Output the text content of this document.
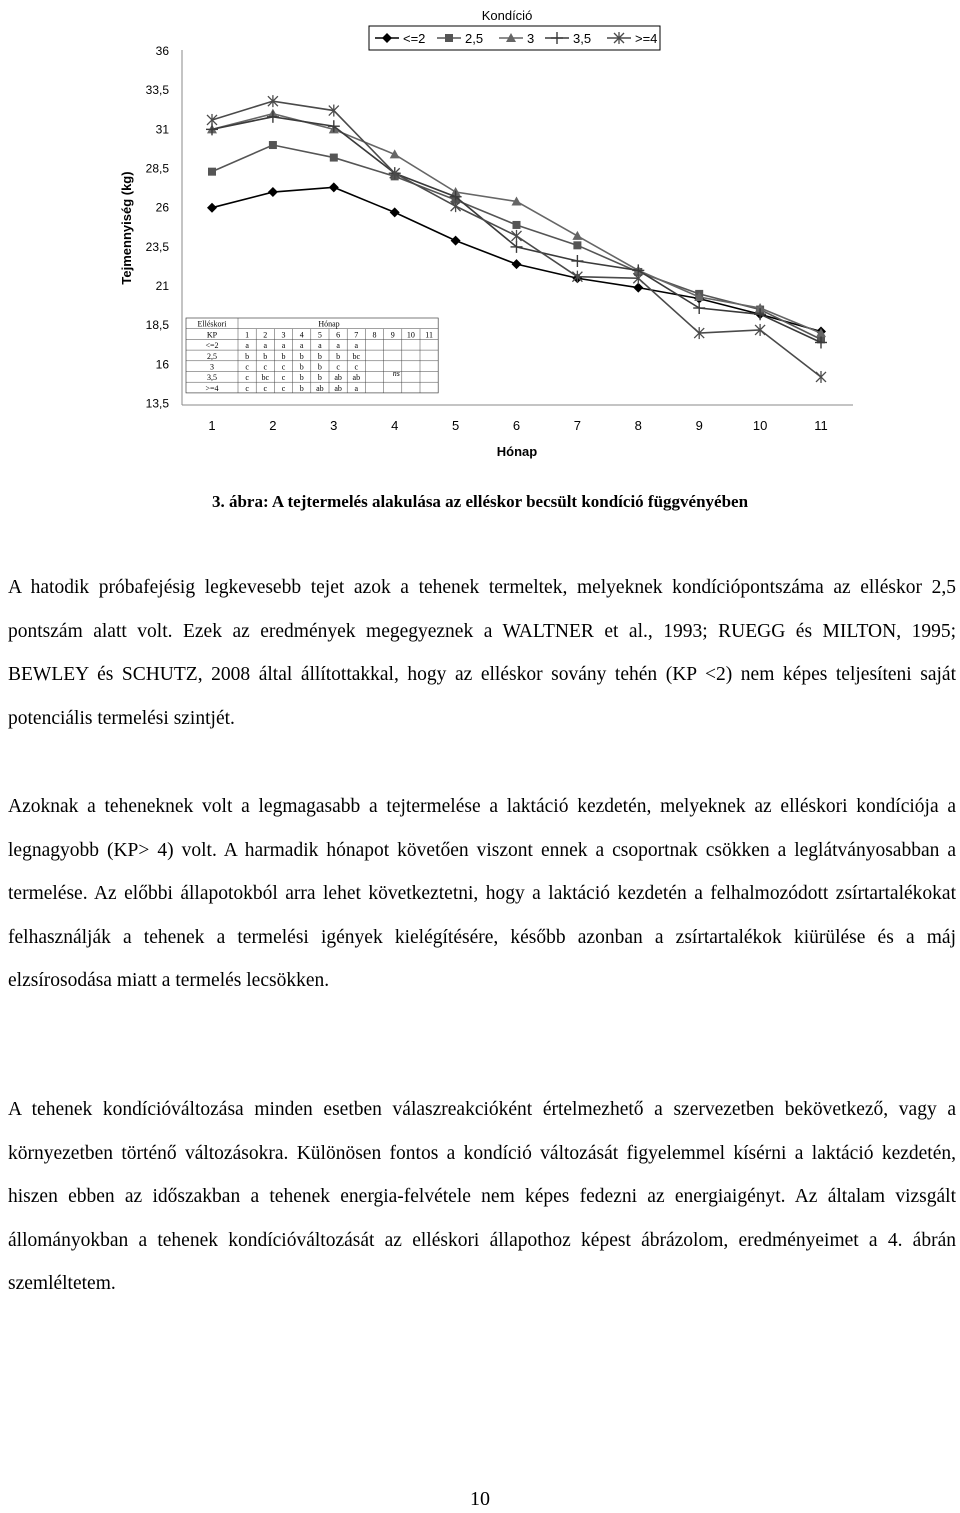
Kondíció
<=2	2,5	3	3,5	>=4
36
33,5
31
28,5
26
23,5
21
18,5
16
13,5
1	2	3	4	5	6	7	8	9	10	11
Tejmennyiség (kg)
Hónap
Elléskori	Hónap
KP	1 2 3 4 5 6 7 8 9 10 11
<=2	a a a a a a a
2,5	b b b b b b bc
3	c c c b b c c
3,5	c bc c b b ab ab
>=4	c c c b ab ab a
ns
3. ábra: A tejtermelés alakulása az elléskor becsült kondíció függvényében

A hatodik próbafejésig legkevesebb tejet azok a tehenek termeltek, melyeknek kondíciópontszáma az elléskor 2,5 pontszám alatt volt. Ezek az eredmények megegyeznek a WALTNER et al., 1993; RUEGG és MILTON, 1995; BEWLEY és SCHUTZ, 2008 által állítottakkal, hogy az elléskor sovány tehén (KP <2) nem képes teljesíteni saját potenciális termelési szintjét.

Azoknak a teheneknek volt a legmagasabb a tejtermelése a laktáció kezdetén, melyeknek az elléskori kondíciója a legnagyobb (KP> 4) volt. A harmadik hónapot követően viszont ennek a csoportnak csökken a leglátványosabban a termelése. Az előbbi állapotokból arra lehet következtetni, hogy a laktáció kezdetén a felhalmozódott zsírtartalékokat felhasználják a tehenek a termelési igények kielégítésére, később azonban a zsírtartalékok kiürülése és a máj elzsírosodása miatt a termelés lecsökken.

A tehenek kondícióváltozása minden esetben válaszreakcióként értelmezhető a szervezetben bekövetkező, vagy a környezetben történő változásokra. Különösen fontos a kondíció változását figyelemmel kísérni a laktáció kezdetén, hiszen ebben az időszakban a tehenek energia-felvétele nem képes fedezni az energiaigényt. Az általam vizsgált állományokban a tehenek kondícióváltozását az elléskori állapothoz képest ábrázolom, eredményeimet a 4. ábrán szemléltetem.

10
